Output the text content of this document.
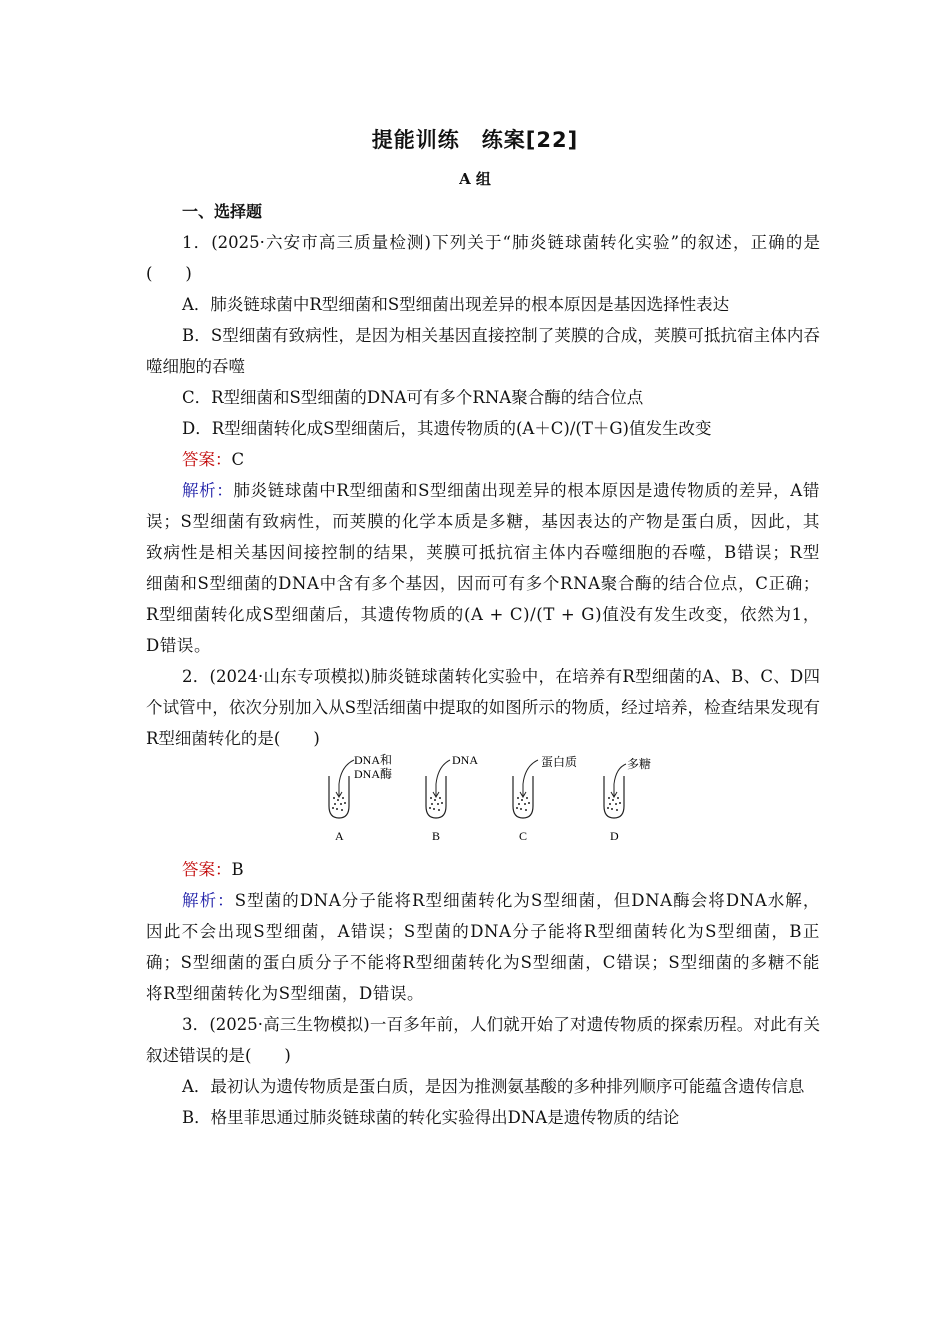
提能训练　练案[22]
A 组

一、选择题

1．(2025·六安市高三质量检测)下列关于“肺炎链球菌转化实验”的叙述，正确的是(　　)

A．肺炎链球菌中R型细菌和S型细菌出现差异的根本原因是基因选择性表达

B．S型细菌有致病性，是因为相关基因直接控制了荚膜的合成，荚膜可抵抗宿主体内吞噬细胞的吞噬

C．R型细菌和S型细菌的DNA可有多个RNA聚合酶的结合位点

D．R型细菌转化成S型细菌后，其遗传物质的(A＋C)/(T＋G)值发生改变

答案：C

解析：肺炎链球菌中R型细菌和S型细菌出现差异的根本原因是遗传物质的差异，A错误；S型细菌有致病性，而荚膜的化学本质是多糖，基因表达的产物是蛋白质，因此，其致病性是相关基因间接控制的结果，荚膜可抵抗宿主体内吞噬细胞的吞噬，B错误；R型细菌和S型细菌的DNA中含有多个基因，因而可有多个RNA聚合酶的结合位点，C正确；R型细菌转化成S型细菌后，其遗传物质的(A + C)/(T + G)值没有发生改变，依然为1，D错误。

2．(2024·山东专项模拟)肺炎链球菌转化实验中，在培养有R型细菌的A、B、C、D四个试管中，依次分别加入从S型活细菌中提取的如图所示的物质，经过培养，检查结果发现有R型细菌转化的是(　　)

DNA和
DNA酶
A
DNA
B
蛋白质
C
多糖
D

答案：B

解析：S型菌的DNA分子能将R型细菌转化为S型细菌，但DNA酶会将DNA水解，因此不会出现S型细菌，A错误；S型菌的DNA分子能将R型细菌转化为S型细菌，B正确；S型细菌的蛋白质分子不能将R型细菌转化为S型细菌，C错误；S型细菌的多糖不能将R型细菌转化为S型细菌，D错误。

3．(2025·高三生物模拟)一百多年前，人们就开始了对遗传物质的探索历程。对此有关叙述错误的是(　　)

A．最初认为遗传物质是蛋白质，是因为推测氨基酸的多种排列顺序可能蕴含遗传信息

B．格里菲思通过肺炎链球菌的转化实验得出DNA是遗传物质的结论
